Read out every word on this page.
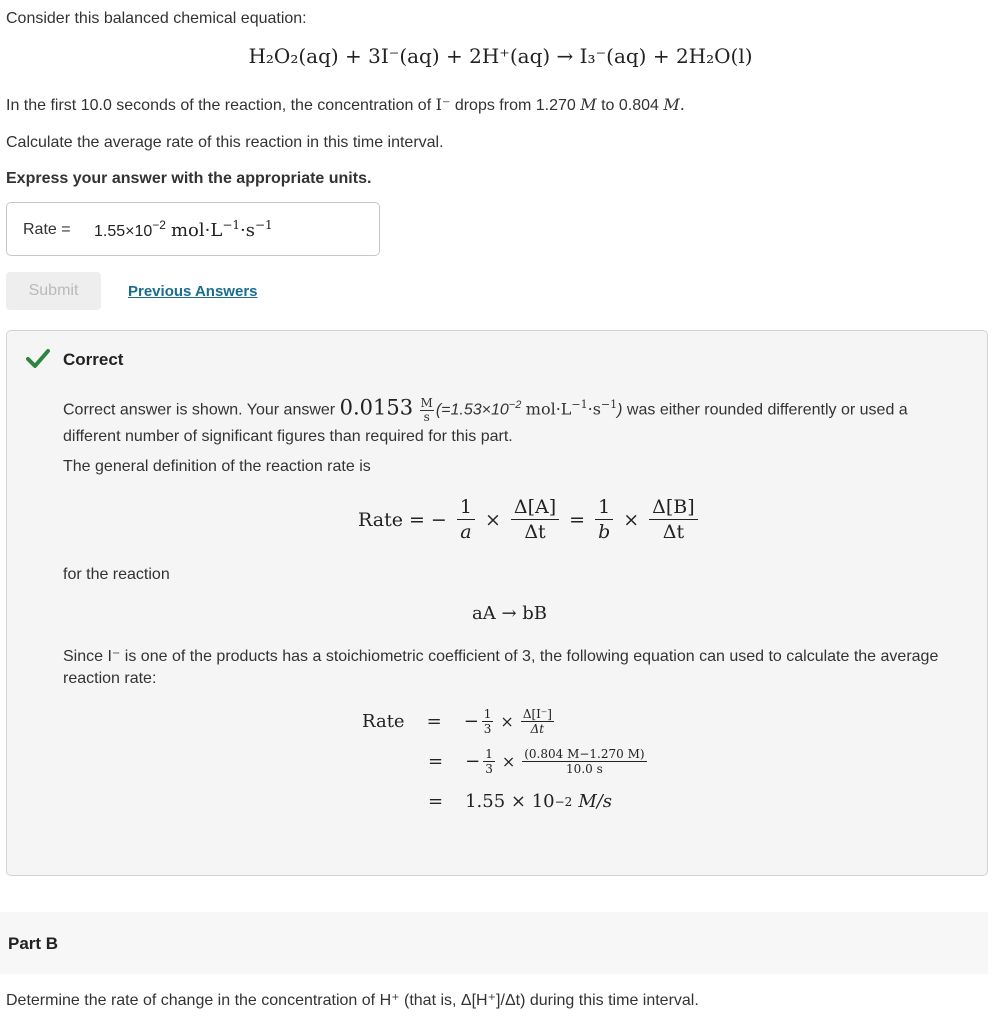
Consider this balanced chemical equation:
H₂O₂(aq) + 3I⁻(aq) + 2H⁺(aq) → I₃⁻(aq) + 2H₂O(l)
In the first 10.0 seconds of the reaction, the concentration of I⁻ drops from 1.270 M to 0.804 M.
Calculate the average rate of this reaction in this time interval.
Express your answer with the appropriate units.
Rate = $1.55\times 10^{-2}$ $mol\cdot L^{-1}\cdot s^{-1}$
Submit	Previous Answers
Correct
Correct answer is shown. Your answer $0.0153 \frac{M}{s} (=1.53\times 10^{-2}$ $mol\cdot L^{-1}\cdot s^{-1}$) was either rounded differently or used a different number of significant figures than required for this part.
The general definition of the reaction rate is
Rate = − $\frac{1}{a} \times \frac{\Delta[A]}{\Delta t} = \frac{1}{b} \times \frac{\Delta[B]}{\Delta t}$
for the reaction
aA → bB
Since I⁻ is one of the products has a stoichiometric coefficient of 3, the following equation can used to calculate the average reaction rate:
Rate = − $\frac{1}{3} \times \frac{\Delta[I^-]}{\Delta t}$
= − $\frac{1}{3} \times \frac{(0.804 M-1.270 M)}{10.0 s}$
= 1.55 × 10 −2 M/s
Part B
Determine the rate of change in the concentration of H⁺ (that is, Δ[H⁺]/Δt) during this time interval.
